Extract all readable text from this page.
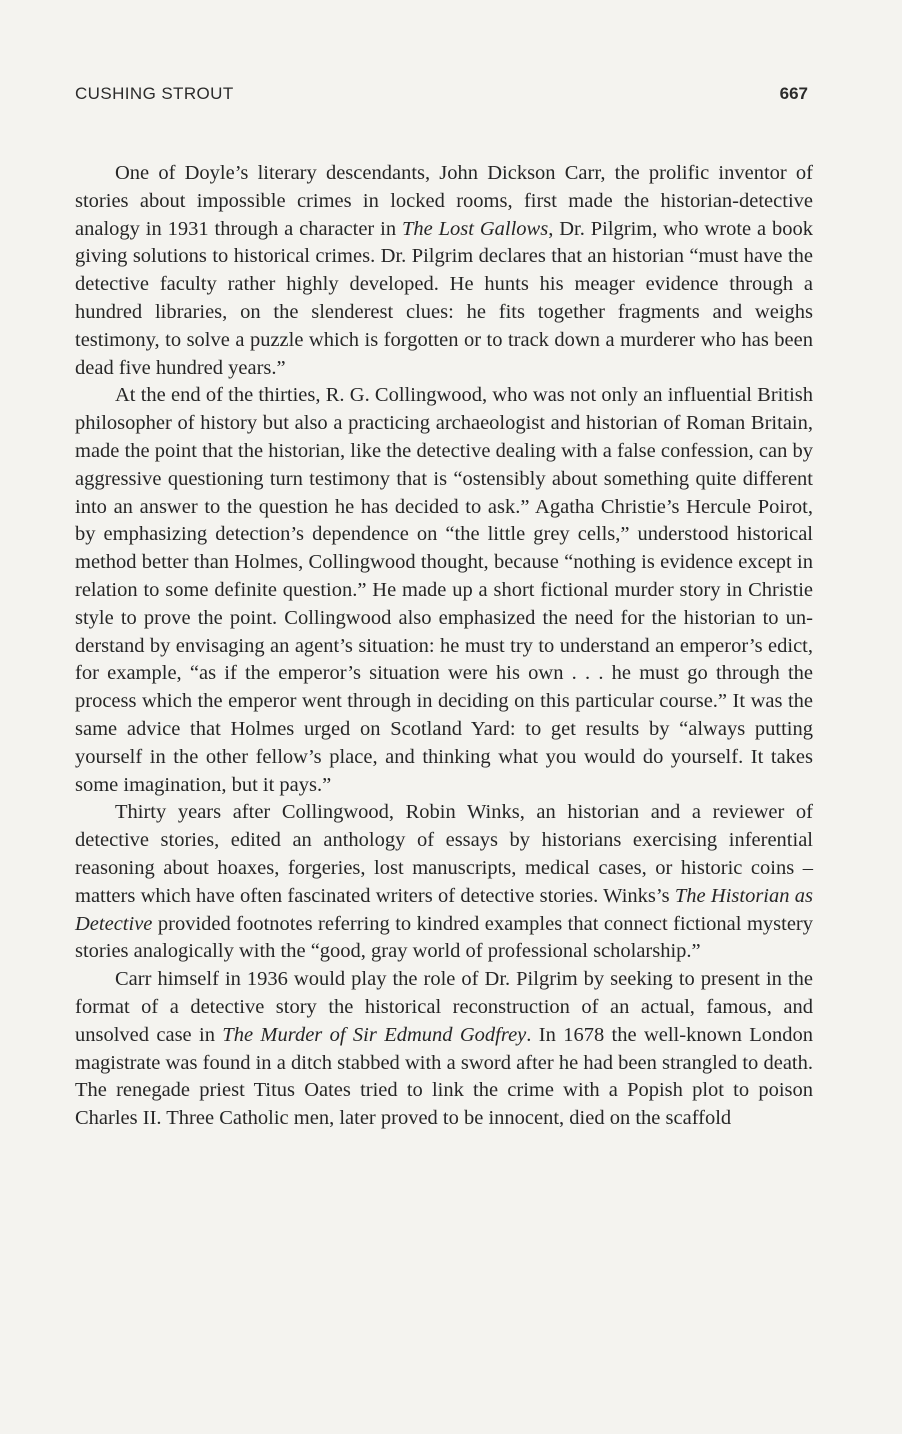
CUSHING STROUT	667

One of Doyle’s literary descendants, John Dickson Carr, the prolific inventor of stories about impossible crimes in locked rooms, first made the historian-detective analogy in 1931 through a character in The Lost Gallows, Dr. Pilgrim, who wrote a book giving solutions to historical crimes. Dr. Pilgrim declares that an historian “must have the detective faculty rather highly developed. He hunts his meager evidence through a hundred libraries, on the slenderest clues: he fits together fragments and weighs testimony, to solve a puzzle which is forgotten or to track down a murderer who has been dead five hundred years.”

At the end of the thirties, R. G. Collingwood, who was not only an influential British philosopher of history but also a practicing archaeologist and historian of Roman Britain, made the point that the historian, like the detective dealing with a false confession, can by aggressive questioning turn testimony that is “ostensibly about something quite different into an answer to the question he has decided to ask.” Agatha Christie’s Hercule Poirot, by emphasizing detection’s dependence on “the little grey cells,” understood historical method better than Holmes, Collingwood thought, because “nothing is evidence except in relation to some definite question.” He made up a short fictional murder story in Christie style to prove the point. Collingwood also emphasized the need for the historian to understand by envisaging an agent’s situation: he must try to understand an emperor’s edict, for example, “as if the emperor’s situation were his own . . . he must go through the process which the emperor went through in deciding on this particular course.” It was the same advice that Holmes urged on Scotland Yard: to get results by “always putting yourself in the other fellow’s place, and thinking what you would do yourself. It takes some imagination, but it pays.”

Thirty years after Collingwood, Robin Winks, an historian and a reviewer of detective stories, edited an anthology of essays by historians exercising inferential reasoning about hoaxes, forgeries, lost manuscripts, medical cases, or historic coins – matters which have often fascinated writers of detective stories. Winks’s The Historian as Detective provided footnotes referring to kindred examples that connect fictional mystery stories analogically with the “good, gray world of professional scholarship.”

Carr himself in 1936 would play the role of Dr. Pilgrim by seeking to present in the format of a detective story the historical reconstruction of an actual, famous, and unsolved case in The Murder of Sir Edmund Godfrey. In 1678 the well-known London magistrate was found in a ditch stabbed with a sword after he had been strangled to death. The renegade priest Titus Oates tried to link the crime with a Popish plot to poison Charles II. Three Catholic men, later proved to be innocent, died on the scaffold
